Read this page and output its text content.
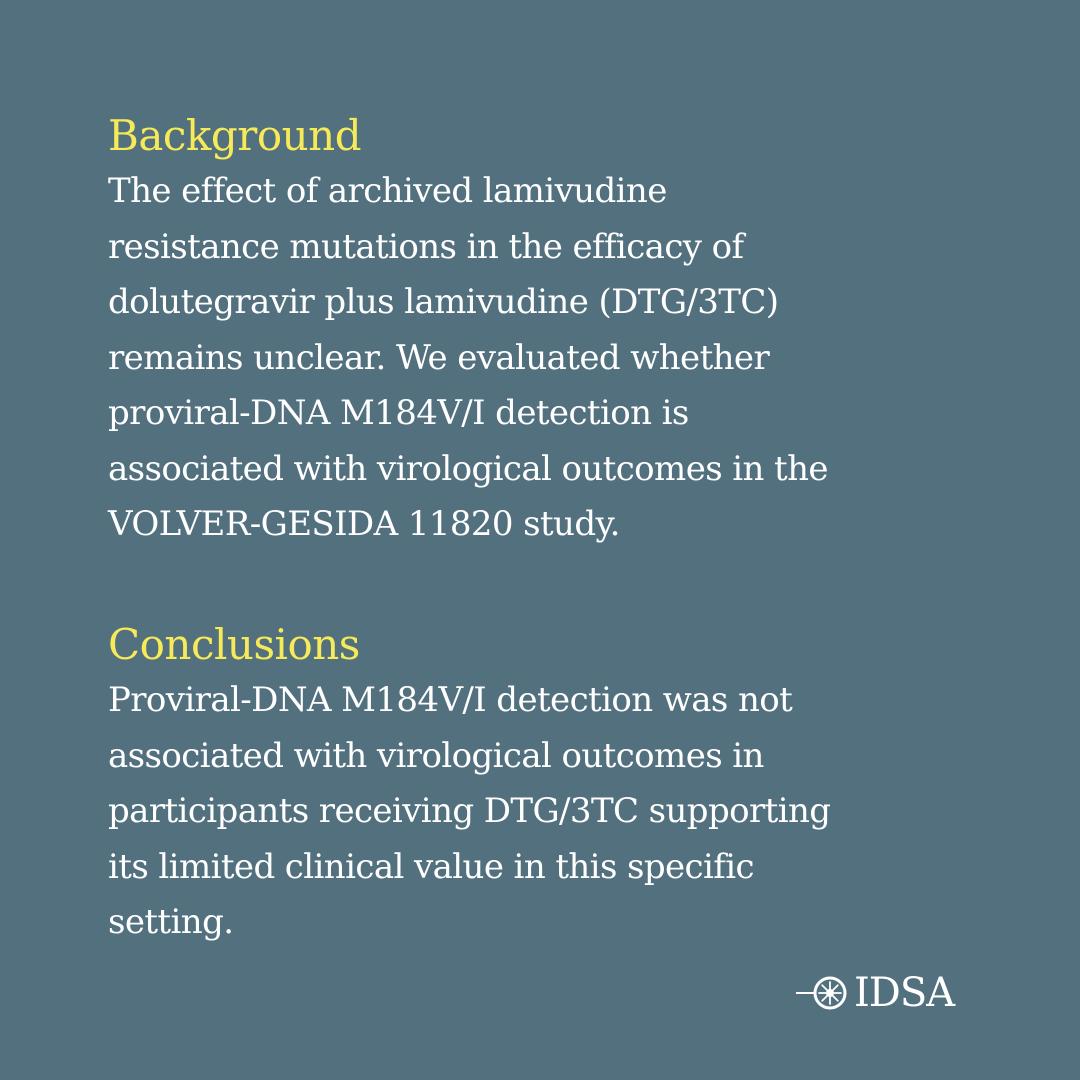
Background

The effect of archived lamivudine
resistance mutations in the efficacy of
dolutegravir plus lamivudine (DTG/3TC)
remains unclear. We evaluated whether
proviral-DNA M184V/I detection is
associated with virological outcomes in the
VOLVER-GESIDA 11820 study.

Conclusions

Proviral-DNA M184V/I detection was not
associated with virological outcomes in
participants receiving DTG/3TC supporting
its limited clinical value in this specific
setting.

IDSA
